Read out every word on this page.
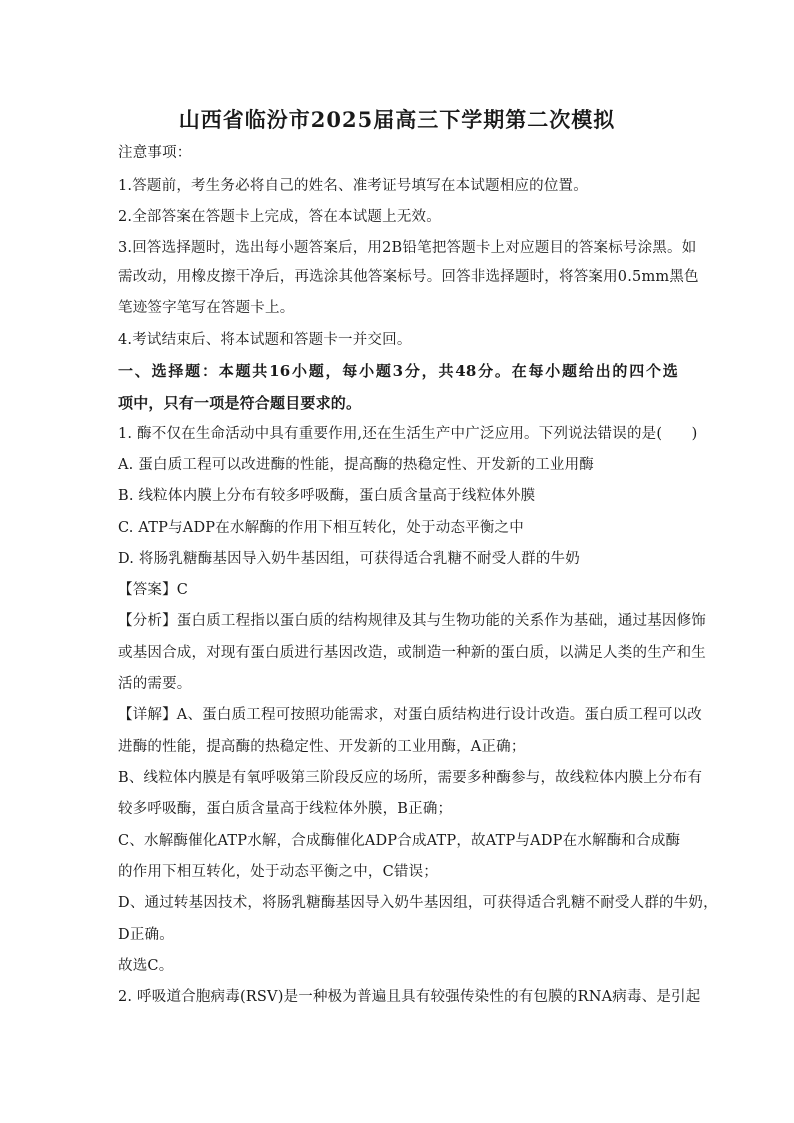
山西省临汾市2025届高三下学期第二次模拟
注意事项：
1.答题前，考生务必将自己的姓名、准考证号填写在本试题相应的位置。
2.全部答案在答题卡上完成，答在本试题上无效。
3.回答选择题时，选出每小题答案后，用2B铅笔把答题卡上对应题目的答案标号涂黑。如
需改动，用橡皮擦干净后，再选涂其他答案标号。回答非选择题时，将答案用0.5mm黑色
笔迹签字笔写在答题卡上。
4.考试结束后、将本试题和答题卡一并交回。
一、选择题：本题共16小题，每小题3分，共48分。在每小题给出的四个选
项中，只有一项是符合题目要求的。
1. 酶不仅在生命活动中具有重要作用,还在生活生产中广泛应用。下列说法错误的是(　　)
A. 蛋白质工程可以改进酶的性能，提高酶的热稳定性、开发新的工业用酶
B. 线粒体内膜上分布有较多呼吸酶，蛋白质含量高于线粒体外膜
C. ATP与ADP在水解酶的作用下相互转化，处于动态平衡之中
D. 将肠乳糖酶基因导入奶牛基因组，可获得适合乳糖不耐受人群的牛奶
【答案】C
【分析】蛋白质工程指以蛋白质的结构规律及其与生物功能的关系作为基础，通过基因修饰
或基因合成，对现有蛋白质进行基因改造，或制造一种新的蛋白质，以满足人类的生产和生
活的需要。
【详解】A、蛋白质工程可按照功能需求，对蛋白质结构进行设计改造。蛋白质工程可以改
进酶的性能，提高酶的热稳定性、开发新的工业用酶，A正确；
B、线粒体内膜是有氧呼吸第三阶段反应的场所，需要多种酶参与，故线粒体内膜上分布有
较多呼吸酶，蛋白质含量高于线粒体外膜，B正确；
C、水解酶催化ATP水解，合成酶催化ADP合成ATP，故ATP与ADP在水解酶和合成酶
的作用下相互转化，处于动态平衡之中，C错误；
D、通过转基因技术，将肠乳糖酶基因导入奶牛基因组，可获得适合乳糖不耐受人群的牛奶，
D正确。
故选C。
2. 呼吸道合胞病毒(RSV)是一种极为普遍且具有较强传染性的有包膜的RNA病毒、是引起
